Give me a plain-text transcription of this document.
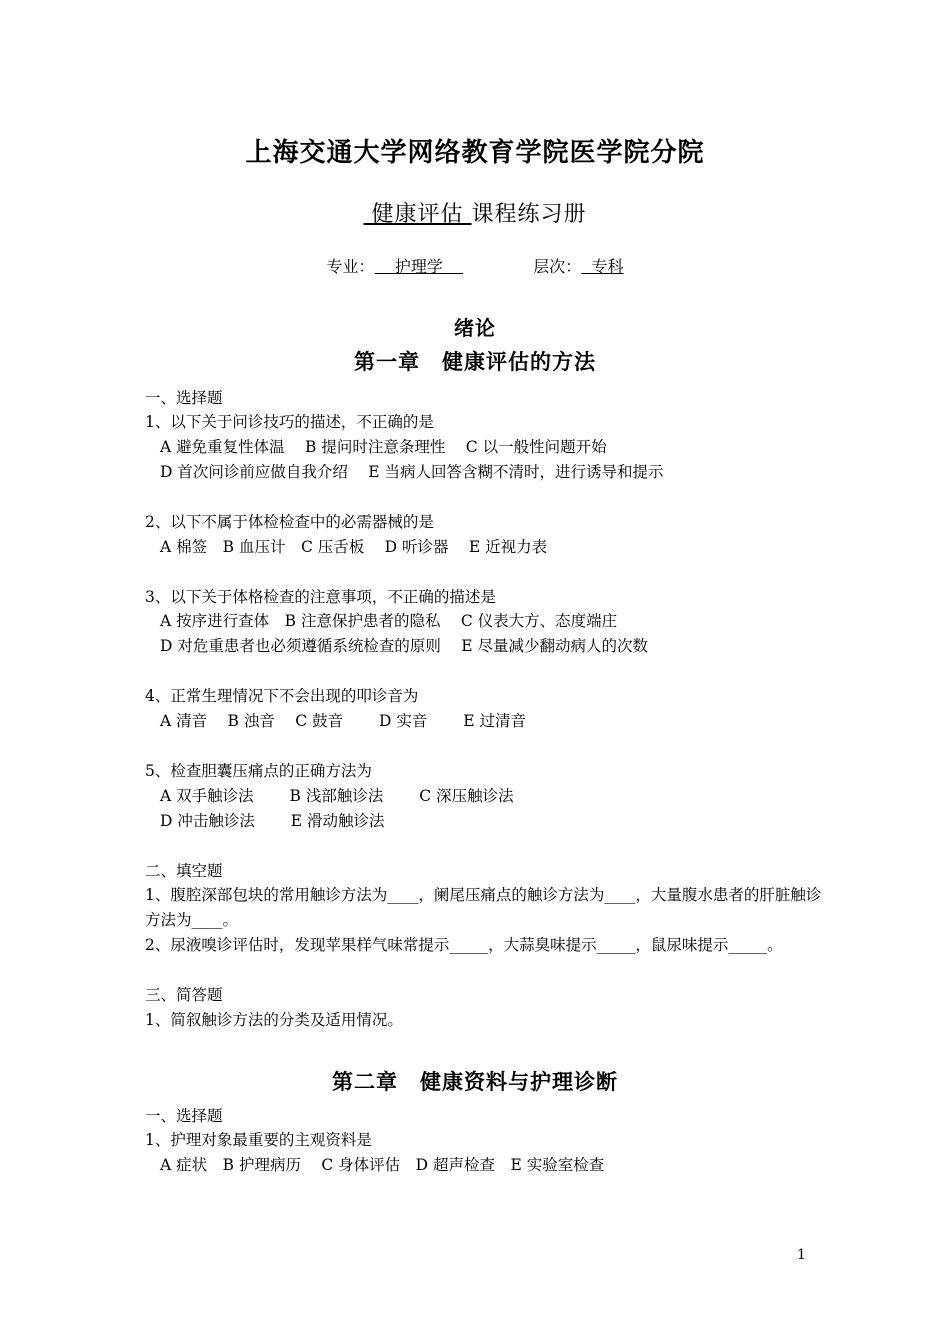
上海交通大学网络教育学院医学院分院
健康评估 课程练习册
专业： 护理学	层次： 专科
绪论
第一章　健康评估的方法
一、选择题
1、以下关于问诊技巧的描述，不正确的是
A 避免重复性体温　 B 提问时注意条理性　 C 以一般性问题开始
D 首次问诊前应做自我介绍　 E 当病人回答含糊不清时，进行诱导和提示
2、以下不属于体检检查中的必需器械的是
A 棉签　B 血压计　C 压舌板　 D 听诊器　 E 近视力表
3、以下关于体格检查的注意事项，不正确的描述是
A 按序进行查体　B 注意保护患者的隐私　 C 仪表大方、态度端庄
D 对危重患者也必须遵循系统检查的原则　 E 尽量减少翻动病人的次数
4、正常生理情况下不会出现的叩诊音为
A 清音　 B 浊音　 C 鼓音　　 D 实音　　 E 过清音
5、检查胆囊压痛点的正确方法为
A 双手触诊法　　 B 浅部触诊法　　 C 深压触诊法
D 冲击触诊法　　 E 滑动触诊法
二、填空题
1、腹腔深部包块的常用触诊方法为____，阑尾压痛点的触诊方法为____，大量腹水患者的肝脏触诊方法为____。
2、尿液嗅诊评估时，发现苹果样气味常提示_____，大蒜臭味提示_____，鼠尿味提示_____。
三、简答题
1、简叙触诊方法的分类及适用情况。
第二章　健康资料与护理诊断
一、选择题
1、护理对象最重要的主观资料是
A 症状　B 护理病历　 C 身体评估　D 超声检查　E 实验室检查
1
